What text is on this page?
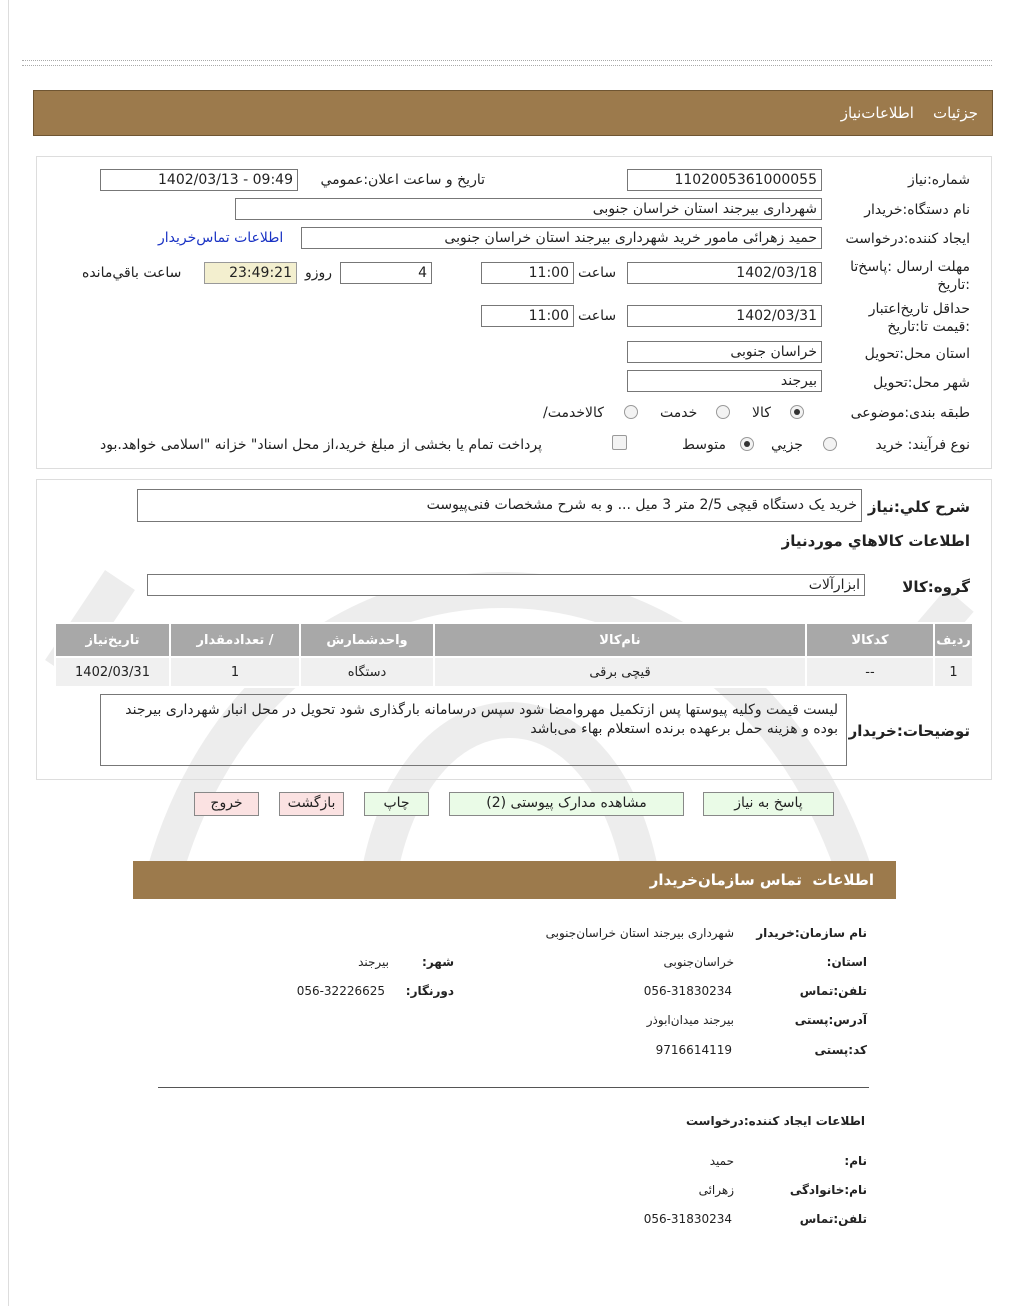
جزئیات    اطلاعات‌نیاز
شماره:نیاز
1102005361000055
تاریخ و ساعت اعلان:عمومي
1402/03/13 - 09:49
نام دستگاه:خریدار
شهرداری بیرجند استان خراسان جنوبی
ایجاد کننده:درخواست
حمید زهرائی مامور خرید شهرداری بیرجند استان خراسان جنوبی
اطلاعات تماس‌خریدار
مهلت ارسال :پاسخ‌تا :تاریخ
1402/03/18
ساعت
11:00
4
روزو
23:49:21
ساعت باقي‌مانده
حداقل تاریخ‌اعتبار :قیمت تا:تاریخ
1402/03/31
ساعت
11:00
استان محل:تحویل
خراسان جنوبی
شهر محل:تحویل
بیرجند
طبقه بندی:موضوعی
کالا
خدمت
/کالاخدمت
نوع فرآیند: خرید
جزیي
متوسط
پرداخت تمام یا بخشی از مبلغ خرید،از محل اسناد" خزانه "اسلامی خواهد.بود
شرح کلي:نیاز
خرید یک دستگاه قیچی 2/5 متر 3 میل ... و به شرح مشخصات فنی‌پیوست
اطلاعات کالاهاي موردنیاز
گروه:کالا
ابزارآلات
ردیف	کدکالا	نام‌کالا	واحدشمارش	/ تعدادمقدار	تاریخ‌نیاز
1	--	قیچی برقی	دستگاه	1	1402/03/31
توضیحات:خریدار
لیست قیمت وکلیه پیوستها پس ازتکمیل مهروامضا شود سپس درسامانه بارگذاری شود تحویل در محل انبار شهرداری بیرجند بوده و هزینه حمل برعهده برنده استعلام بهاء می‌باشد
پاسخ به نیاز
مشاهده مدارک پیوستی (2)
چاپ
بازگشت
خروج
اطلاعات  تماس سازمان‌خریدار
نام سازمان:خریدار
شهرداری بیرجند استان خراسان‌جنوبی
:استان
خراسان‌جنوبی
:شهر
بیرجند
تلفن:تماس
056-31830234
:دورنگار
056-32226625
آدرس:پستی
بیرجند میدان‌ابوذر
کد:پستی
9716614119
اطلاعات ایجاد کننده:درخواست
:نام
حمید
نام:خانوادگی
زهرائی
تلفن:تماس
056-31830234
